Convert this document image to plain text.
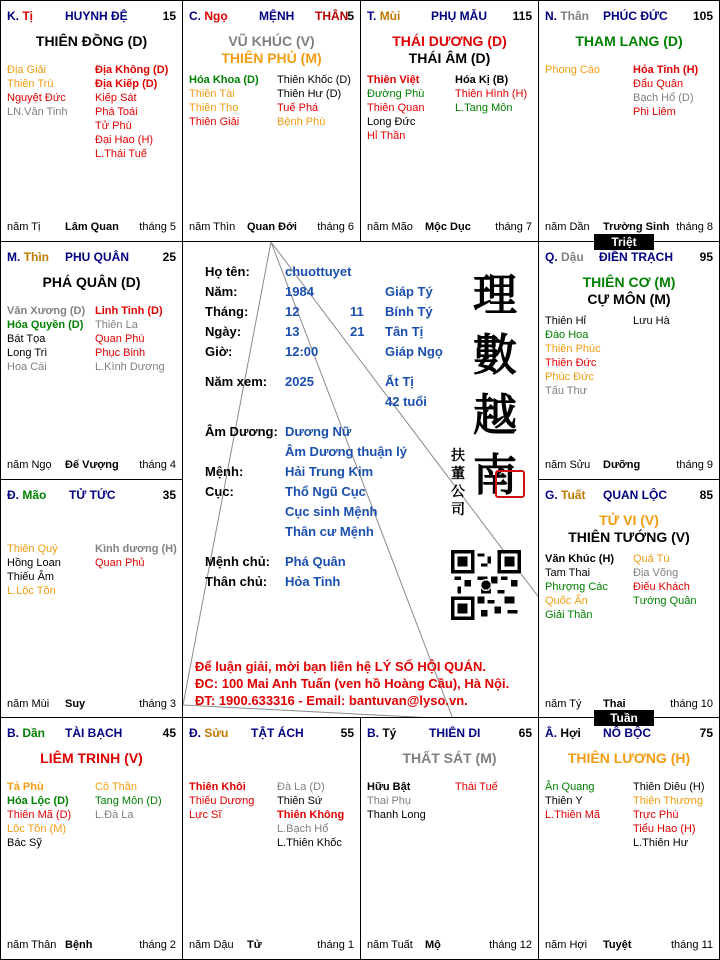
K. Tị	HUYNH ĐỆ	15
THIÊN ĐỒNG (D)
Địa Giải
Thiên Trù
Nguyệt Đức
LN.Văn Tinh
Địa Không (D)
Địa Kiếp (D)
Kiếp Sát
Phá Toái
Tử Phù
Đại Hao (H)
L.Thái Tuế
năm Tị Lâm Quan tháng 5
C. Ngọ	MỆNH THÂN
5
VŨ KHÚC (V)
THIÊN PHỦ (M)
Hóa Khoa (D)
Thiên Tài
Thiên Thọ
Thiên Giải
Thiên Khốc (D)
Thiên Hư (D)
Tuế Phá
Bệnh Phù
năm Thìn Quan Đới tháng 6
T. Mùi	PHỤ MẪU 115
THÁI DƯƠNG (D)
THÁI ÂM (D)
Thiên Việt
Đường Phù
Thiên Quan
Long Đức
Hỉ Thần
Hóa Kị (B)
Thiên Hình (H)
L.Tang Môn
năm Mão Mộc Dục tháng 7
N. Thân PHÚC ĐỨC 105
THAM LANG (D)
Phong Cáo	Hỏa Tinh (H)
Đẩu Quân
Bạch Hổ (D)
Phi Liêm
năm Dần Trường Sinh tháng 8
M. Thìn PHU QUÂN	25
PHÁ QUÂN (D)
Văn Xương (D)
Hóa Quyền (D)
Bát Tọa
Long Trì
Hoa Cái
Linh Tinh (D)
Thiên La
Quan Phù
Phục Binh
L.Kình Dương
năm Ngọ Đế Vượng tháng 4
Q. Dậu ĐIỀN TRẠCH 95
THIÊN CƠ (M)
CỰ MÔN (M)
Thiên Hỉ
Đào Hoa
Thiên Phúc
Thiên Đức
Phúc Đức
Tấu Thư
Lưu Hà
năm Sửu Dưỡng	tháng 9
Đ. Mão TỬ TỨC	35
Thiên Quý
Hồng Loan
Thiếu Âm
L.Lộc Tồn
Kình dương (H)
Quan Phủ
năm Mùi Suy	tháng 3
G. Tuất QUAN LỘC	85
TỬ VI (V)
THIÊN TƯỚNG (V)
Văn Khúc (H)
Tam Thai
Phượng Các
Quốc Ấn
Giải Thần
Quả Tú
Địa Võng
Điếu Khách
Tướng Quân
năm Tý Thai	tháng 10
B. Dần TÀI BẠCH	45
LIÊM TRINH (V)
Tả Phù
Hóa Lộc (D)
Thiên Mã (D)
Lộc Tồn (M)
Bác Sỹ
Cô Thần
Tang Môn (D)
L.Đà La
năm Thân Bệnh	tháng 2
Đ. Sửu TẬT ÁCH	55
Thiên Khôi
Thiếu Dương
Lực Sĩ
Đà La (D)
Thiên Sứ
Thiên Không
L.Bạch Hổ
L.Thiên Khốc
năm Dậu Tử	tháng 1
B. Tý	THIÊN DI	65
THẤT SÁT (M)
Hữu Bật
Thai Phụ
Thanh Long
Thái Tuế
năm Tuất Mộ	tháng 12
Â. Hợi NÔ BỘC	75
THIÊN LƯƠNG (H)
Ân Quang
Thiên Y
L.Thiên Mã
Thiên Diêu (H)
Thiên Thương
Trực Phù
Tiểu Hao (H)
L.Thiên Hư
năm Hợi Tuyệt	tháng 11
Họ tên:	chuottuyet
Năm:	1984	Giáp Tý
Tháng:	12	11 Bính Tý
Ngày:	13	21 Tân Tị
Giờ:	12:00	Giáp Ngọ
Năm xem: 2025	Ất Tị
42 tuổi
Âm Dương: Dương Nữ
Âm Dương thuận lý
Mệnh:	Hải Trung Kim
Cục:	Thổ Ngũ Cục
Cục sinh Mệnh
Thân cư Mệnh
Mệnh chủ: Phá Quân
Thân chủ: Hỏa Tinh
理
數
越
南
扶 董 公 司
Để luận giải, mời bạn liên hệ LÝ SỐ HỘI QUÁN.
ĐC: 100 Mai Anh Tuấn (ven hồ Hoàng Cầu), Hà Nội.
ĐT: 1900.633316 - Email: bantuvan@lyso.vn.
Triệt
Tuần
